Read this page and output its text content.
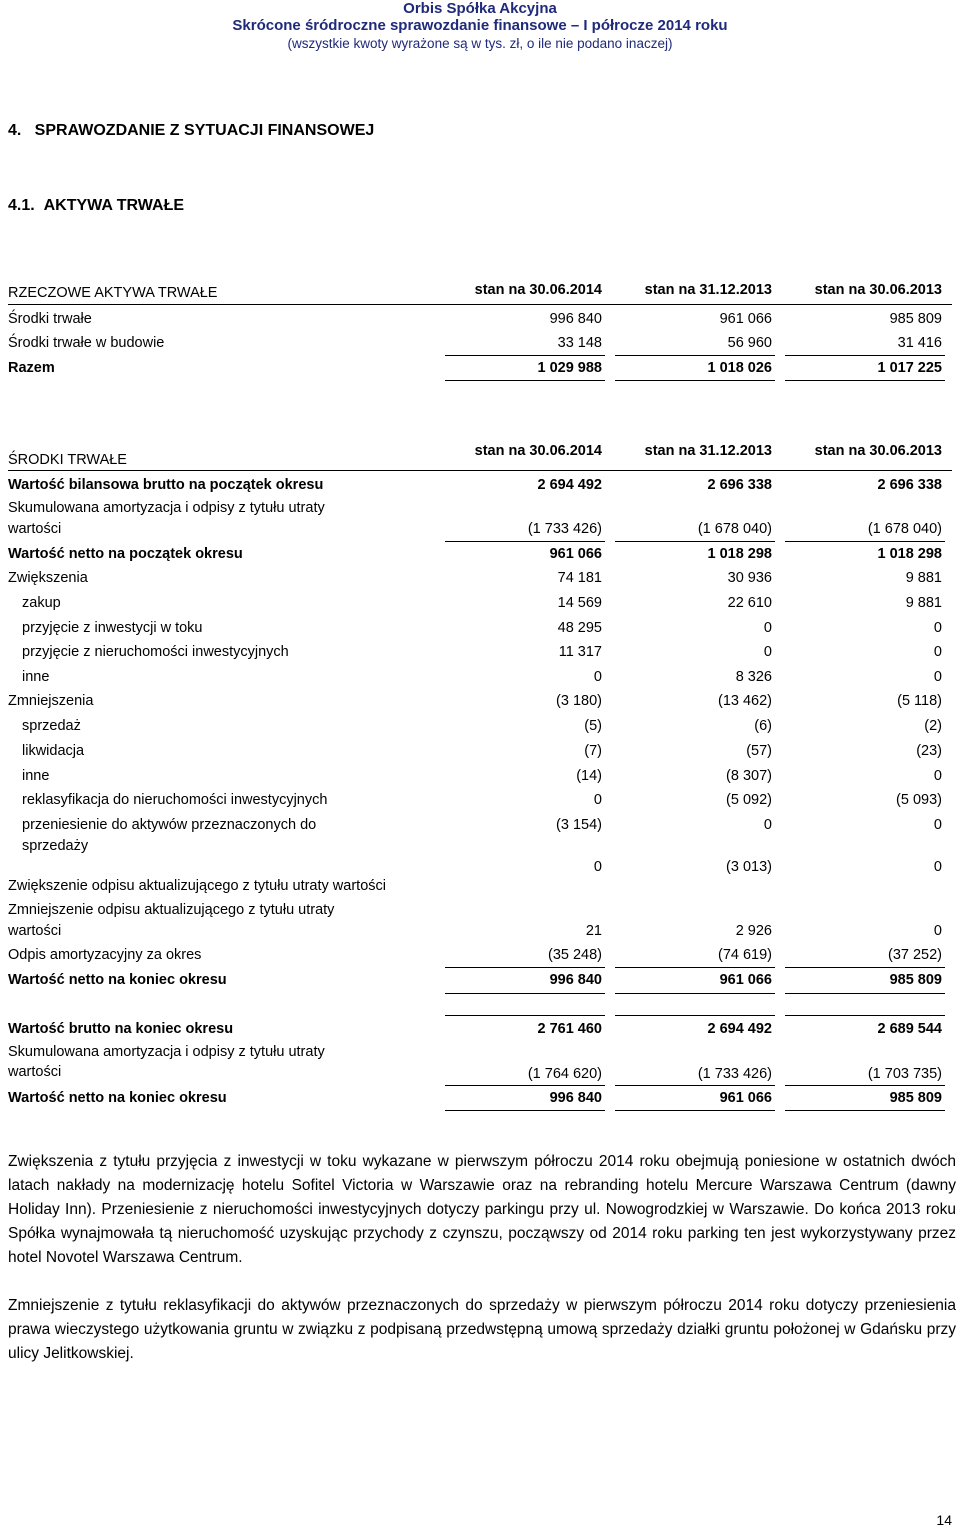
Orbis Spółka Akcyjna
Skrócone śródroczne sprawozdanie finansowe – I półrocze 2014 roku
(wszystkie kwoty wyrażone są w tys. zł, o ile nie podano inaczej)
4.   SPRAWOZDANIE Z SYTUACJI FINANSOWEJ
4.1.  AKTYWA TRWAŁE
RZECZOWE AKTYWA TRWAŁE	stan na 30.06.2014	stan na 31.12.2013	stan na 30.06.2013
Środki trwałe	996 840	961 066	985 809
Środki trwałe w budowie	33 148	56 960	31 416
Razem	1 029 988	1 018 026	1 017 225
ŚRODKI TRWAŁE
stan na 30.06.2014	stan na 31.12.2013	stan na 30.06.2013
Wartość bilansowa brutto na początek okresu	2 694 492	2 696 338	2 696 338
Skumulowana amortyzacja i odpisy z tytułu utraty
wartości	(1 733 426)	(1 678 040)	(1 678 040)
Wartość netto na początek okresu	961 066	1 018 298	1 018 298
Zwiększenia	74 181	30 936	9 881
zakup	14 569	22 610	9 881
przyjęcie z inwestycji w toku	48 295	0	0
przyjęcie z nieruchomości inwestycyjnych	11 317	0	0
inne	0	8 326	0
Zmniejszenia	(3 180)	(13 462)	(5 118)
sprzedaż	(5)	(6)	(2)
likwidacja	(7)	(57)	(23)
inne	(14)	(8 307)	0
reklasyfikacja do nieruchomości inwestycyjnych	0	(5 092)	(5 093)
przeniesienie do aktywów przeznaczonych do
sprzedaży
(3 154)	0	0
Zwiększenie odpisu aktualizującego z tytułu utraty wartości
0	(3 013)	0
Zmniejszenie odpisu aktualizującego z tytułu utraty
wartości	21	2 926	0
Odpis amortyzacyjny za okres	(35 248)	(74 619)	(37 252)
Wartość netto na koniec okresu	996 840	961 066	985 809
Wartość brutto na koniec okresu	2 761 460	2 694 492	2 689 544
Skumulowana amortyzacja i odpisy z tytułu utraty
wartości	(1 764 620)	(1 733 426)	(1 703 735)
Wartość netto na koniec okresu	996 840	961 066	985 809
Zwiększenia z tytułu przyjęcia z inwestycji w toku wykazane w pierwszym półroczu 2014 roku obejmują poniesione w ostatnich dwóch latach nakłady na modernizację hotelu Sofitel Victoria w Warszawie oraz na rebranding hotelu Mercure Warszawa Centrum (dawny Holiday Inn). Przeniesienie z nieruchomości inwestycyjnych dotyczy parkingu przy ul. Nowogrodzkiej w Warszawie. Do końca 2013 roku Spółka wynajmowała tą nieruchomość uzyskując przychody z czynszu, począwszy od 2014 roku parking ten jest wykorzystywany przez hotel Novotel Warszawa Centrum.
Zmniejszenie z tytułu reklasyfikacji do aktywów przeznaczonych do sprzedaży w pierwszym półroczu 2014 roku dotyczy przeniesienia prawa wieczystego użytkowania gruntu w związku z podpisaną przedwstępną umową sprzedaży działki gruntu położonej w Gdańsku przy ulicy Jelitkowskiej.
14
